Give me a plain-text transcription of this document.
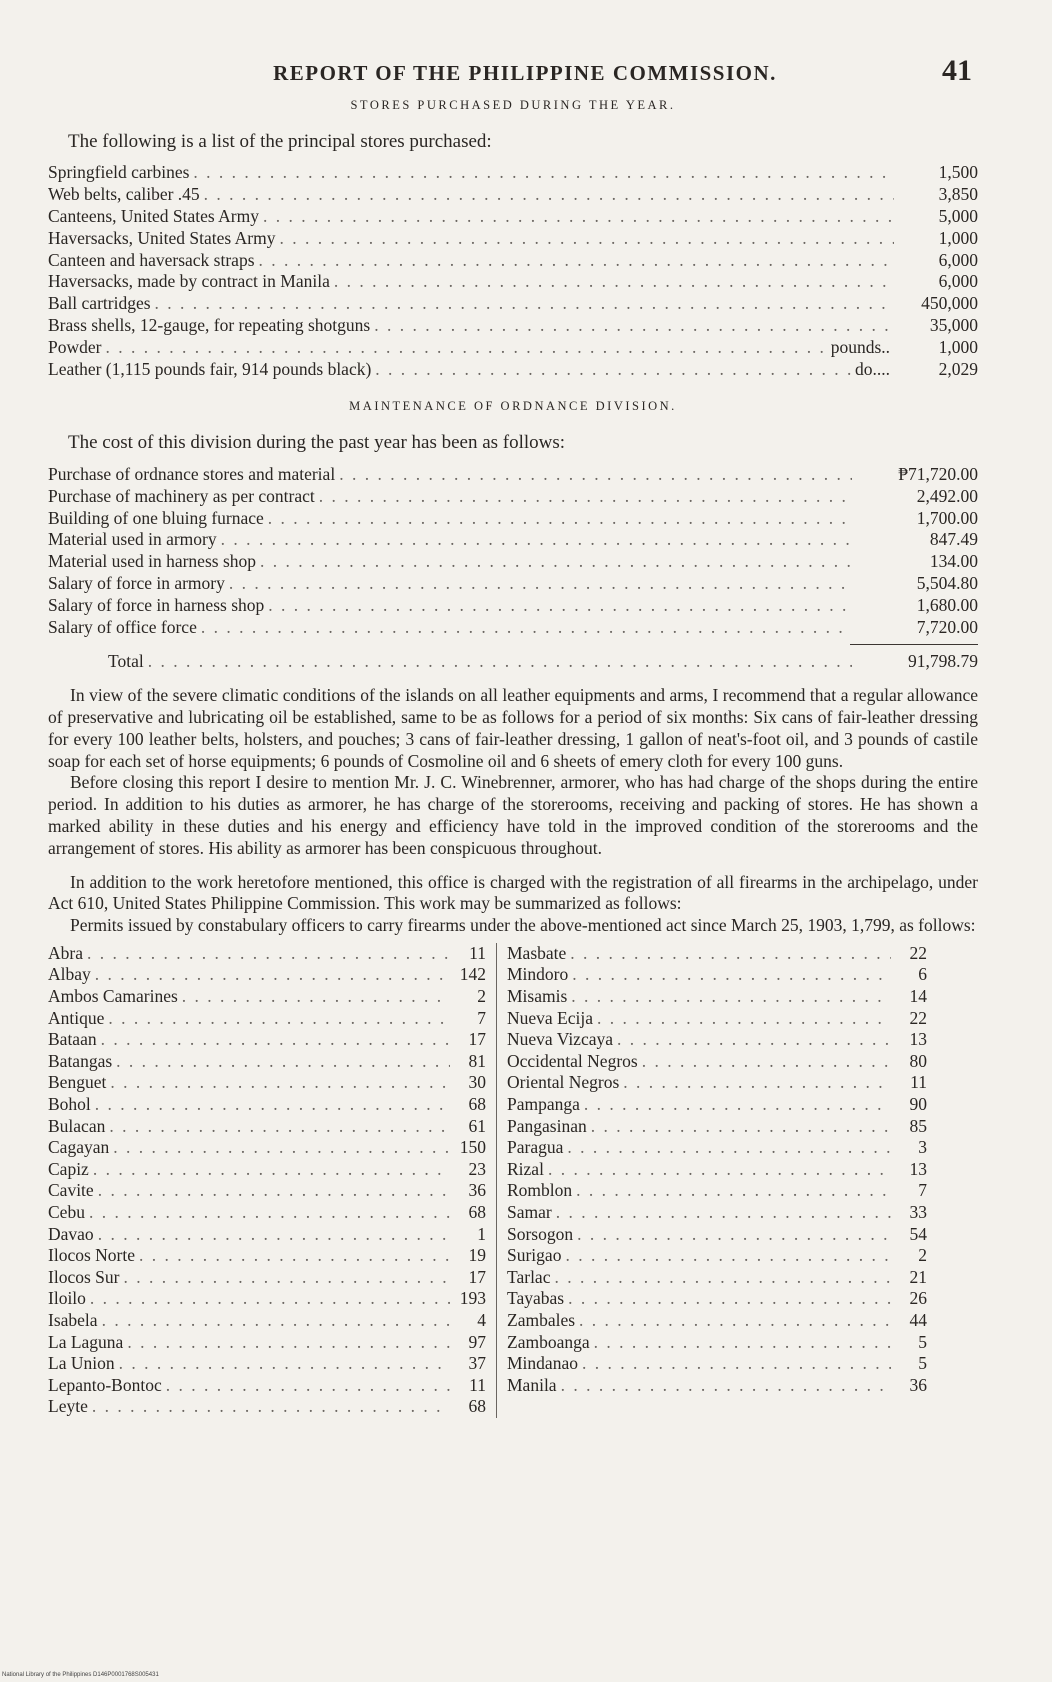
REPORT OF THE PHILIPPINE COMMISSION.	41
STORES PURCHASED DURING THE YEAR.
The following is a list of the principal stores purchased:
Springfield carbines . . .	1,500
Web belts, caliber .45 . . .	3,850
Canteens, United States Army . . .	5,000
Haversacks, United States Army . . .	1,000
Canteen and haversack straps . . .	6,000
Haversacks, made by contract in Manila . . .	6,000
Ball cartridges . . .	450,000
Brass shells, 12-gauge, for repeating shotguns . . .	35,000
Powder . . .	pounds..	1,000
Leather (1,115 pounds fair, 914 pounds black) . . .	do....	2,029
MAINTENANCE OF ORDNANCE DIVISION.
The cost of this division during the past year has been as follows:
Purchase of ordnance stores and material . . .	₱71,720.00
Purchase of machinery as per contract . . .	2,492.00
Building of one bluing furnace . . .	1,700.00
Material used in armory . . .	847.49
Material used in harness shop . . .	134.00
Salary of force in armory . . .	5,504.80
Salary of force in harness shop . . .	1,680.00
Salary of office force . . .	7,720.00
Total . . .	91,798.79

In view of the severe climatic conditions of the islands on all leather equipments and arms, I recommend that a regular allowance of preservative and lubricating oil be established, same to be as follows for a period of six months: Six cans of fair-leather dressing for every 100 leather belts, holsters, and pouches; 3 cans of fair-leather dressing, 1 gallon of neat's-foot oil, and 3 pounds of castile soap for each set of horse equipments; 6 pounds of Cosmoline oil and 6 sheets of emery cloth for every 100 guns.

Before closing this report I desire to mention Mr. J. C. Winebrenner, armorer, who has had charge of the shops during the entire period. In addition to his duties as armorer, he has charge of the storerooms, receiving and packing of stores. He has shown a marked ability in these duties and his energy and efficiency have told in the improved condition of the storerooms and the arrangement of stores. His ability as armorer has been conspicuous throughout.

In addition to the work heretofore mentioned, this office is charged with the registration of all firearms in the archipelago, under Act 610, United States Philippine Commission. This work may be summarized as follows:

Permits issued by constabulary officers to carry firearms under the above-mentioned act since March 25, 1903, 1,799, as follows:

Abra . . .	11
Albay . . .	142
Ambos Camarines . . .	2
Antique . . .	7
Bataan . . .	17
Batangas . . .	81
Benguet . . .	30
Bohol . . .	68
Bulacan . . .	61
Cagayan . . .	150
Capiz . . .	23
Cavite . . .	36
Cebu . . .	68
Davao . . .	1
Ilocos Norte . . .	19
Ilocos Sur . . .	17
Iloilo . . .	193
Isabela . . .	4
La Laguna . . .	97
La Union . . .	37
Lepanto-Bontoc . . .	11
Leyte . . .	68
Masbate . . .	22
Mindoro . . .	6
Misamis . . .	14
Nueva Ecija . . .	22
Nueva Vizcaya . . .	13
Occidental Negros . . .	80
Oriental Negros . . .	11
Pampanga . . .	90
Pangasinan . . .	85
Paragua . . .	3
Rizal . . .	13
Romblon . . .	7
Samar . . .	33
Sorsogon . . .	54
Surigao . . .	2
Tarlac . . .	21
Tayabas . . .	26
Zambales . . .	44
Zamboanga . . .	5
Mindanao . . .	5
Manila . . .	36
National Library of the Philippines D146P0001768S005431
